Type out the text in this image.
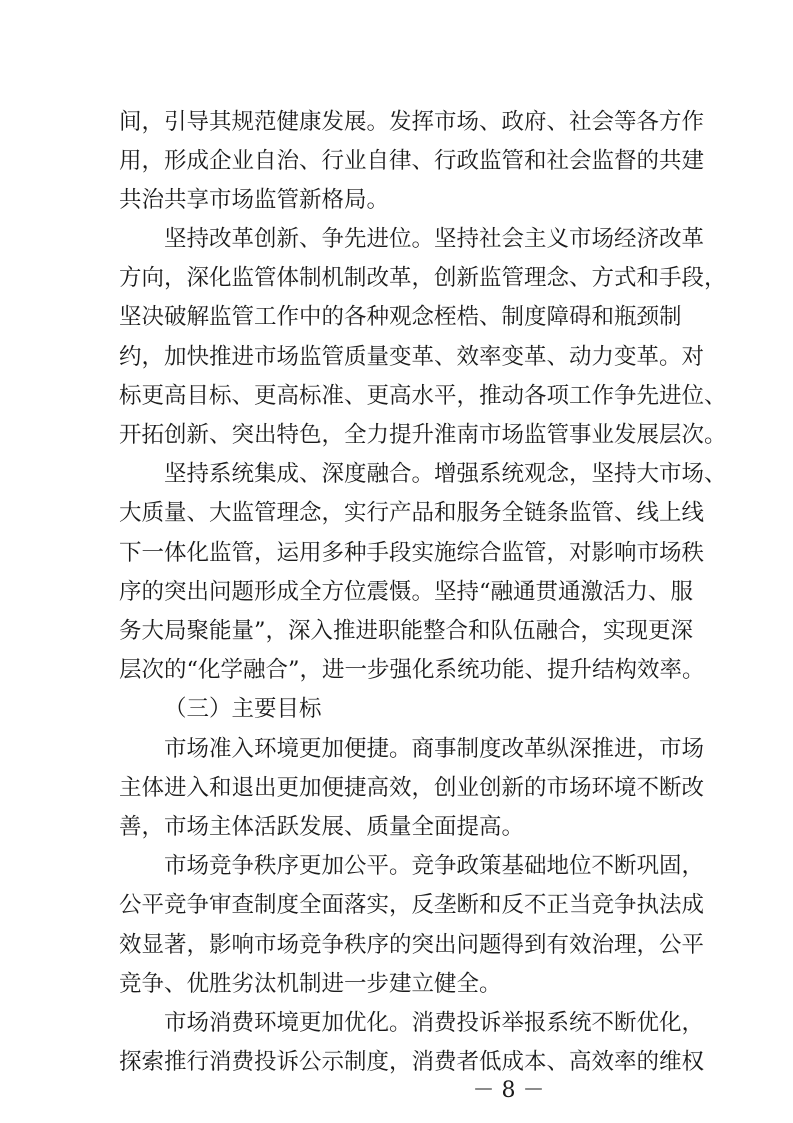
间，引导其规范健康发展。发挥市场、政府、社会等各方作
用，形成企业自治、行业自律、行政监管和社会监督的共建
共治共享市场监管新格局。
坚持改革创新、争先进位。坚持社会主义市场经济改革
方向，深化监管体制机制改革，创新监管理念、方式和手段，
坚决破解监管工作中的各种观念桎梏、制度障碍和瓶颈制
约，加快推进市场监管质量变革、效率变革、动力变革。对
标更高目标、更高标准、更高水平，推动各项工作争先进位、
开拓创新、突出特色，全力提升淮南市场监管事业发展层次。
坚持系统集成、深度融合。增强系统观念，坚持大市场、
大质量、大监管理念，实行产品和服务全链条监管、线上线
下一体化监管，运用多种手段实施综合监管，对影响市场秩
序的突出问题形成全方位震慑。坚持“融通贯通激活力、服
务大局聚能量”，深入推进职能整合和队伍融合，实现更深
层次的“化学融合”，进一步强化系统功能、提升结构效率。
（三）主要目标
市场准入环境更加便捷。商事制度改革纵深推进，市场
主体进入和退出更加便捷高效，创业创新的市场环境不断改
善，市场主体活跃发展、质量全面提高。
市场竞争秩序更加公平。竞争政策基础地位不断巩固，
公平竞争审查制度全面落实，反垄断和反不正当竞争执法成
效显著，影响市场竞争秩序的突出问题得到有效治理，公平
竞争、优胜劣汰机制进一步建立健全。
市场消费环境更加优化。消费投诉举报系统不断优化，
探索推行消费投诉公示制度，消费者低成本、高效率的维权
－ 8 －
